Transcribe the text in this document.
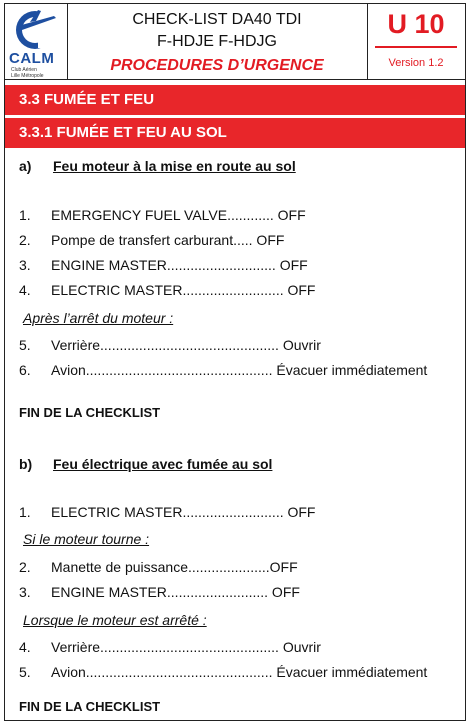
CALM
Club Aérien
Lille Métropole
CHECK-LIST DA40 TDI
F-HDJE F-HDJG
PROCEDURES D’URGENCE
U 10
Version 1.2
3.3 FUMÉE ET FEU
3.3.1 FUMÉE ET FEU AU SOL
a) Feu moteur à la mise en route au sol
1. EMERGENCY FUEL VALVE............ OFF
2. Pompe de transfert carburant..... OFF
3. ENGINE MASTER............................ OFF
4. ELECTRIC MASTER.......................... OFF
Après l’arrêt du moteur :
5. Verrière.............................................. Ouvrir
6. Avion................................................ Évacuer immédiatement
FIN DE LA CHECKLIST
b) Feu électrique avec fumée au sol
1. ELECTRIC MASTER.......................... OFF
Si le moteur tourne :
2. Manette de puissance.....................OFF
3. ENGINE MASTER.......................... OFF
Lorsque le moteur est arrêté :
4. Verrière.............................................. Ouvrir
5. Avion................................................ Évacuer immédiatement
FIN DE LA CHECKLIST
